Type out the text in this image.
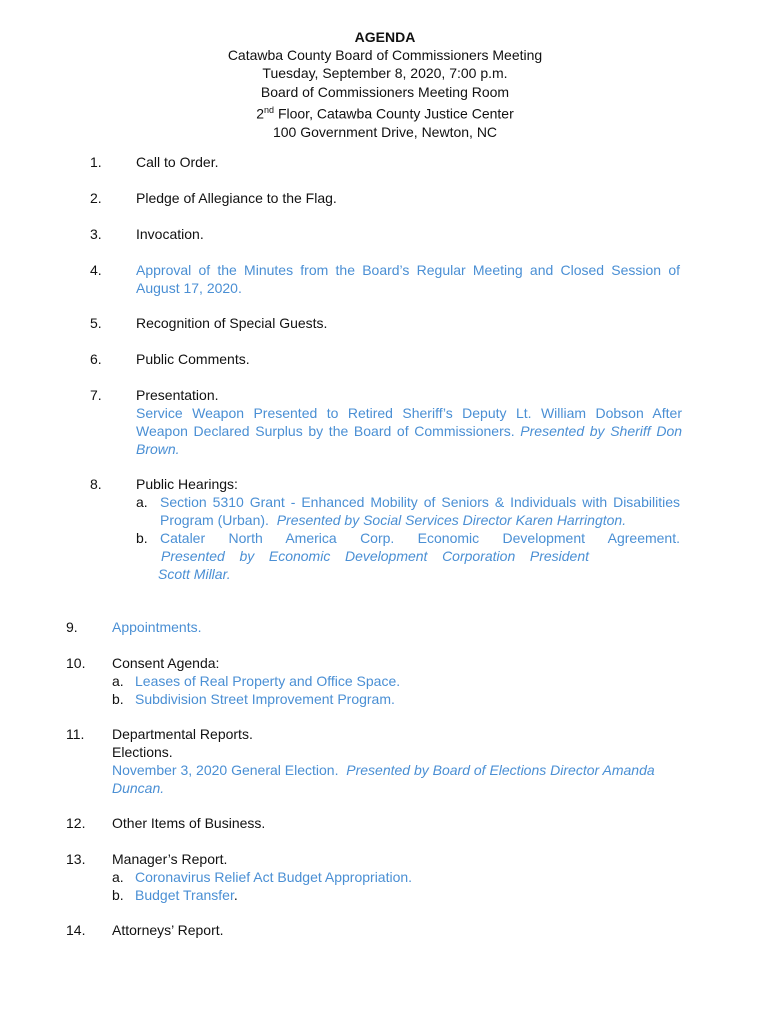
AGENDA
Catawba County Board of Commissioners Meeting
Tuesday, September 8, 2020, 7:00 p.m.
Board of Commissioners Meeting Room
2nd Floor, Catawba County Justice Center
100 Government Drive, Newton, NC
1. Call to Order.
2. Pledge of Allegiance to the Flag.
3. Invocation.
4. Approval of the Minutes from the Board’s Regular Meeting and Closed Session of August 17, 2020.
5. Recognition of Special Guests.
6. Public Comments.
7. Presentation.
Service Weapon Presented to Retired Sheriff’s Deputy Lt. William Dobson After Weapon Declared Surplus by the Board of Commissioners. Presented by Sheriff Don Brown.
8. Public Hearings:
a. Section 5310 Grant - Enhanced Mobility of Seniors & Individuals with Disabilities Program (Urban). Presented by Social Services Director Karen Harrington.
b. Cataler North America Corp. Economic Development Agreement.
Presented by Economic Development Corporation President
Scott Millar.
9. Appointments.
10. Consent Agenda:
a. Leases of Real Property and Office Space.
b. Subdivision Street Improvement Program.
11. Departmental Reports.
Elections.
November 3, 2020 General Election. Presented by Board of Elections Director Amanda Duncan.
12. Other Items of Business.
13. Manager’s Report.
a. Coronavirus Relief Act Budget Appropriation.
b. Budget Transfer.
14. Attorneys’ Report.
